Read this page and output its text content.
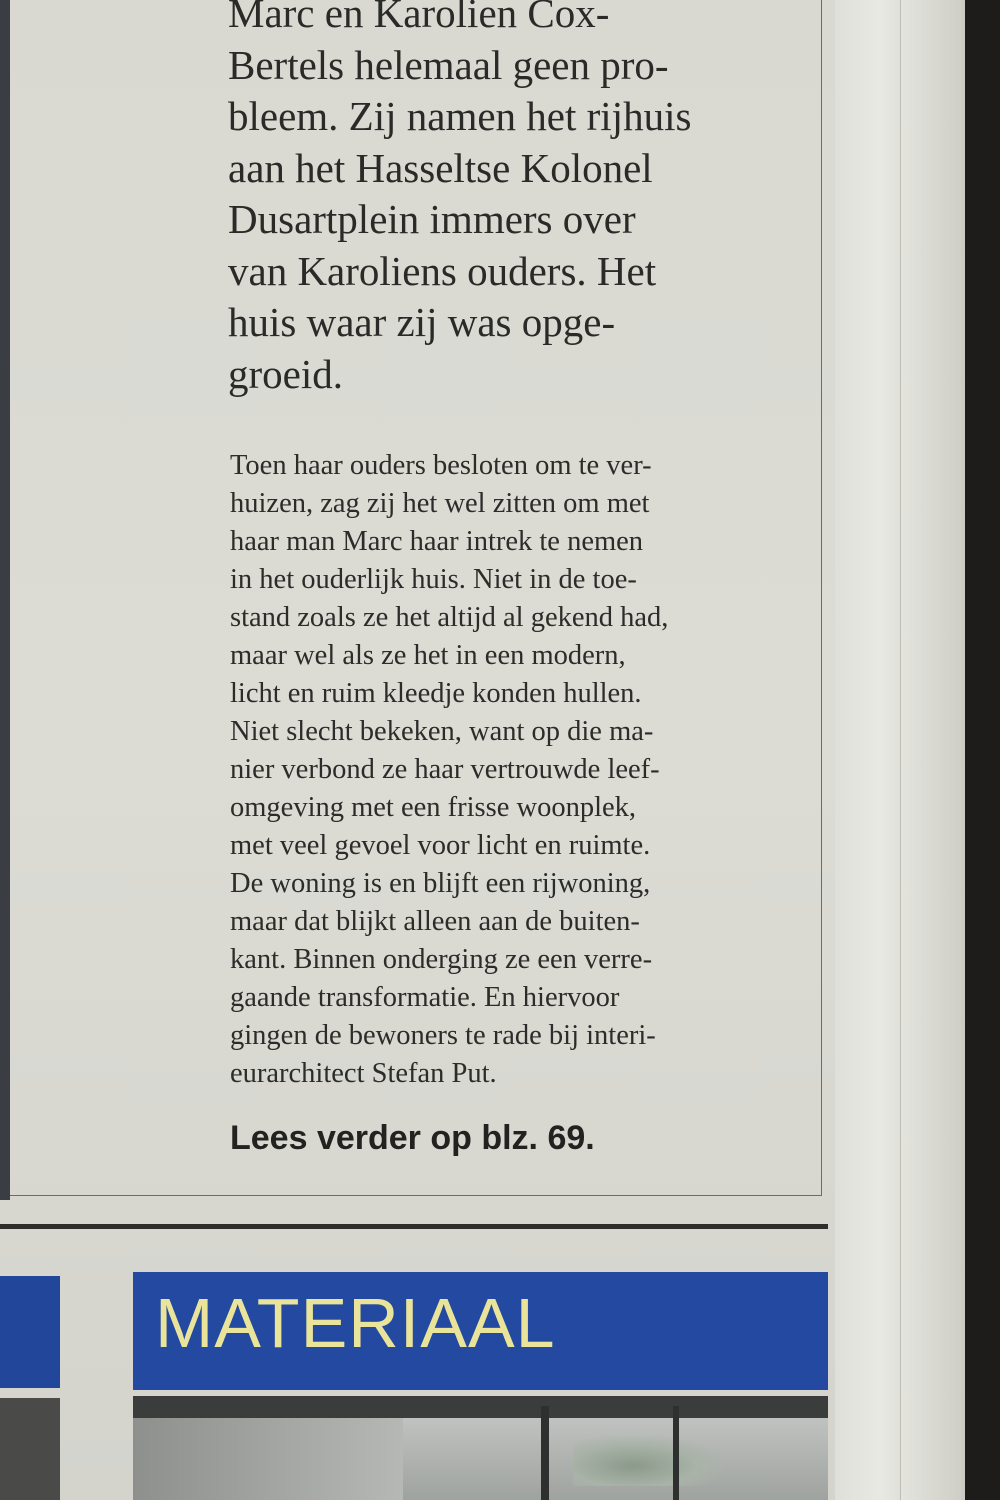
Marc en Karolien Cox-
Bertels helemaal geen pro-
bleem. Zij namen het rijhuis
aan het Hasseltse Kolonel
Dusartplein immers over
van Karoliens ouders. Het
huis waar zij was opge-
groeid.
Toen haar ouders besloten om te ver-
huizen, zag zij het wel zitten om met
haar man Marc haar intrek te nemen
in het ouderlijk huis. Niet in de toe-
stand zoals ze het altijd al gekend had,
maar wel als ze het in een modern,
licht en ruim kleedje konden hullen.
Niet slecht bekeken, want op die ma-
nier verbond ze haar vertrouwde leef-
omgeving met een frisse woonplek,
met veel gevoel voor licht en ruimte.
De woning is en blijft een rijwoning,
maar dat blijkt alleen aan de buiten-
kant. Binnen onderging ze een verre-
gaande transformatie. En hiervoor
gingen de bewoners te rade bij interi-
eurarchitect Stefan Put.
Lees verder op blz. 69.
MATERIAAL
